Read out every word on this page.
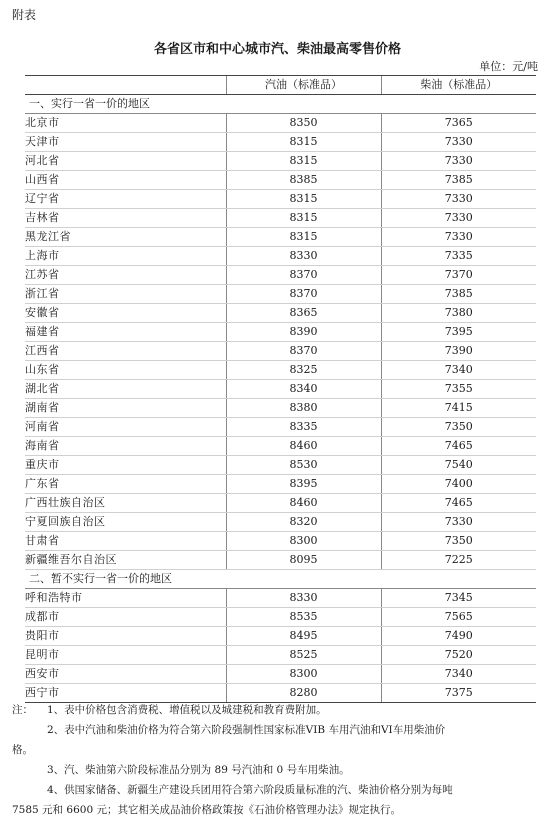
附表
各省区市和中心城市汽、柴油最高零售价格
单位：元/吨
	汽油（标准品）	柴油（标准品）
一、实行一省一价的地区		
北京市	8350	7365
天津市	8315	7330
河北省	8315	7330
山西省	8385	7385
辽宁省	8315	7330
吉林省	8315	7330
黑龙江省	8315	7330
上海市	8330	7335
江苏省	8370	7370
浙江省	8370	7385
安徽省	8365	7380
福建省	8390	7395
江西省	8370	7390
山东省	8325	7340
湖北省	8340	7355
湖南省	8380	7415
河南省	8335	7350
海南省	8460	7465
重庆市	8530	7540
广东省	8395	7400
广西壮族自治区	8460	7465
宁夏回族自治区	8320	7330
甘肃省	8300	7350
新疆维吾尔自治区	8095	7225
二、暂不实行一省一价的地区		
呼和浩特市	8330	7345
成都市	8535	7565
贵阳市	8495	7490
昆明市	8525	7520
西安市	8300	7340
西宁市	8280	7375

注： 1、表中价格包含消费税、增值税以及城建税和教育费附加。

2、表中汽油和柴油价格为符合第六阶段强制性国家标准VIB 车用汽油和VI车用柴油价

格。

3、汽、柴油第六阶段标准品分别为 89 号汽油和 0 号车用柴油。

4、供国家储备、新疆生产建设兵团用符合第六阶段质量标准的汽、柴油价格分别为每吨

7585 元和 6600 元；其它相关成品油价格政策按《石油价格管理办法》规定执行。
